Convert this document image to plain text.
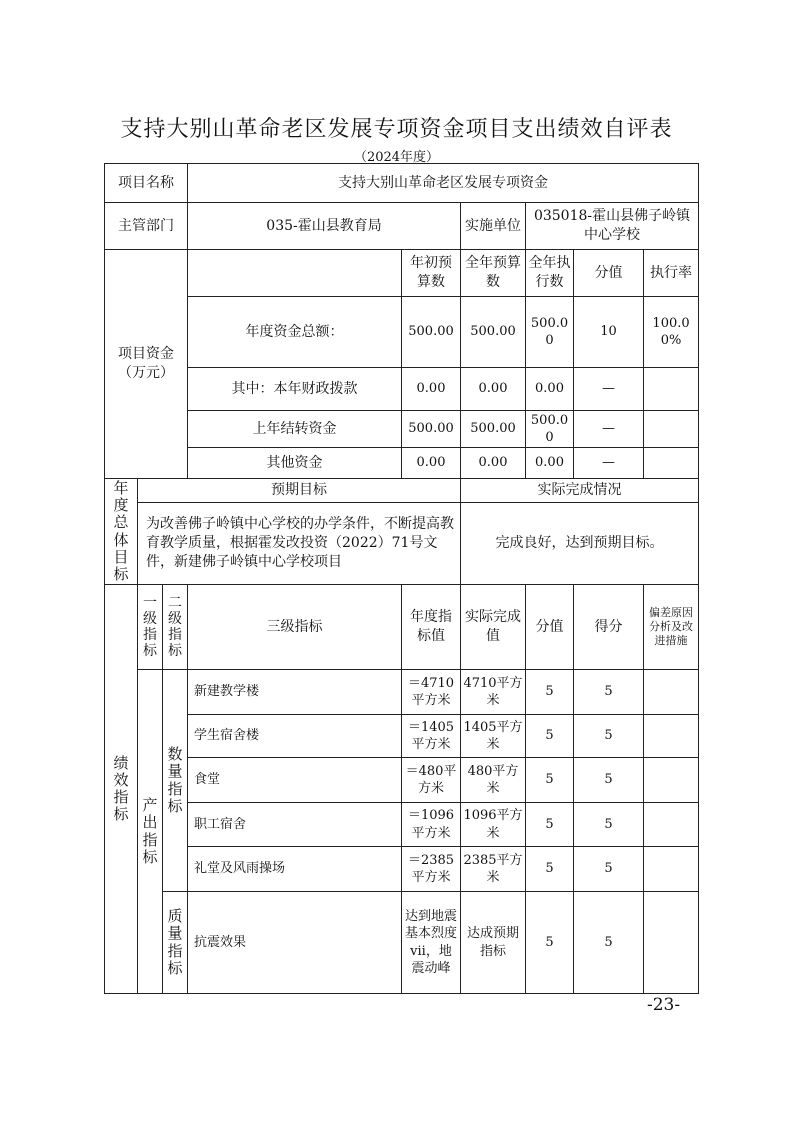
支持大别山革命老区发展专项资金项目支出绩效自评表
（2024年度）
项目名称			支持大别山革命老区发展专项资金						
主管部门			035-霍山县教育局		实施单位	035018-霍山县佛子岭镇中心学校			
项目资金（万元）				年初预算数	全年预算数	全年执行数	分值	执行率	
			年度资金总额：	500.00	500.00	500.00	10	100.00%	
			其中：本年财政拨款	0.00	0.00	0.00	—		
			上年结转资金	500.00	500.00	500.00	—		
			其他资金	0.00	0.00	0.00	—		
年度总体目标	预期目标				实际完成情况				
	为改善佛子岭镇中心学校的办学条件，不断提高教育教学质量，根据霍发改投资（2022）71号文件，新建佛子岭镇中心学校项目				完成良好，达到预期目标。				
绩效指标	一级指标	二级指标	三级指标	年度指标值	实际完成值	分值	得分	偏差原因分析及改进措施	
	产出指标	数量指标	新建教学楼	＝4710平方米	4710平方米	5	5		
			学生宿舍楼	＝1405平方米	1405平方米	5	5		
			食堂	＝480平方米	480平方米	5	5		
			职工宿舍	＝1096平方米	1096平方米	5	5		
			礼堂及风雨操场	＝2385平方米	2385平方米	5	5		
		质量指标	抗震效果	达到地震基本烈度vii，地震动峰	达成预期指标	5	5		
-23-
